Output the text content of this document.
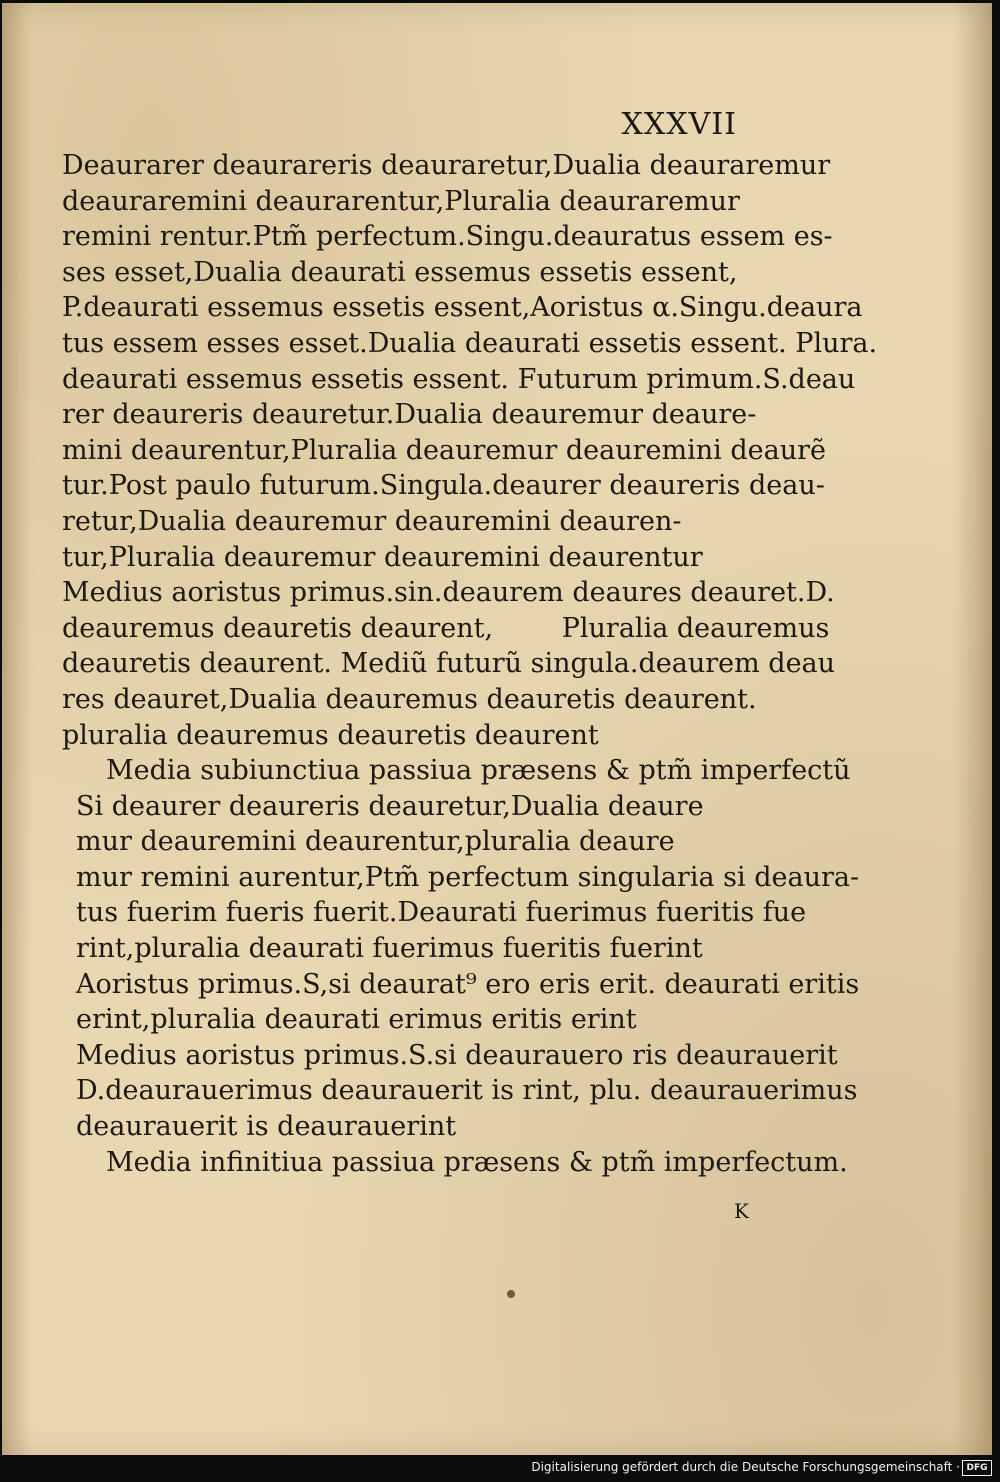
XXXVII
Deaurarer deaurareris deauraretur,Dualia deauraremur
deauraremini deaurarentur,Pluralia deauraremur
remini rentur.Ptm̃ perfectum.Singu.deauratus essem es-
ses esset,Dualia deaurati essemus essetis essent,
P.deaurati essemus essetis essent,Aoristus α.Singu.deaura
tus essem esses esset.Dualia deaurati essetis essent. Plura.
deaurati essemus essetis essent. Futurum primum.S.deau
rer deaureris deauretur.Dualia deauremur deaure-
mini deaurentur,Pluralia deauremur deauremini deaurẽ
tur.Post paulo futurum.Singula.deaurer deaureris deau-
retur,Dualia deauremur deauremini deauren-
tur,Pluralia deauremur deauremini deaurentur
Medius aoristus primus.sin.deaurem deaures deauret.D.
deauremus deauretis deaurent,        Pluralia deauremus
deauretis deaurent. Mediũ futurũ singula.deaurem deau
res deauret,Dualia deauremus deauretis deaurent.
pluralia deauremus deauretis deaurent
Media subiunctiua passiua præsens & ptm̃ imperfectũ
Si deaurer deaureris deauretur,Dualia deaure
mur deauremini deaurentur,pluralia deaure
mur remini aurentur,Ptm̃ perfectum singularia si deaura-
tus fuerim fueris fuerit.Deaurati fuerimus fueritis fue
rint,pluralia deaurati fuerimus fueritis fuerint
Aoristus primus.S,si deaurat⁹ ero eris erit. deaurati eritis
erint,pluralia deaurati erimus eritis erint
Medius aoristus primus.S.si deaurauero ris deaurauerit
D.deaurauerimus deaurauerit is rint, plu. deaurauerimus
deaurauerit is deaurauerint
Media infinitiua passiua præsens & ptm̃ imperfectum.
K
Digitalisierung gefördert durch die Deutsche Forschungsgemeinschaft · DFG
